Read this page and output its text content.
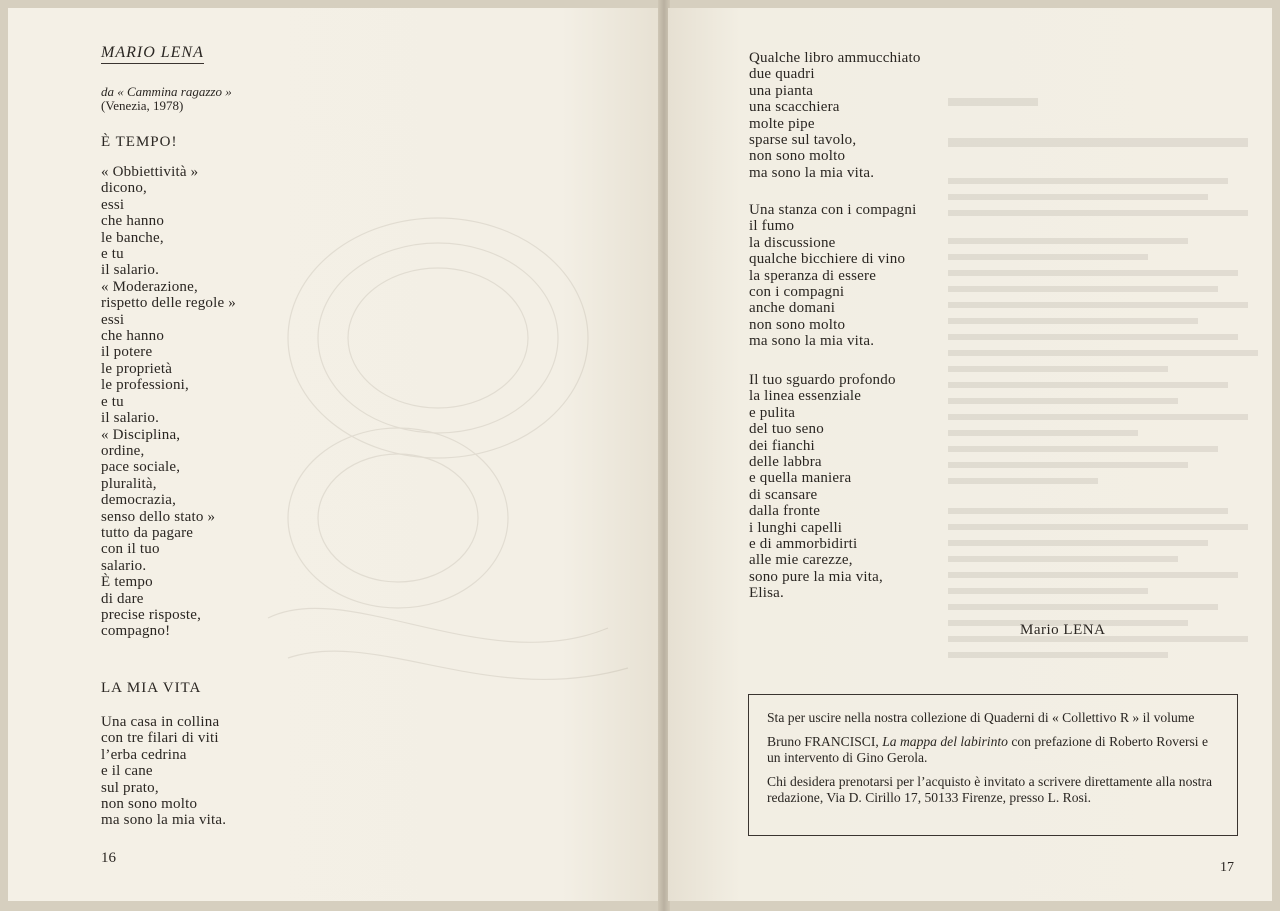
MARIO LENA
da « Cammina ragazzo »
(Venezia, 1978)
È TEMPO!
« Obbiettività »
dicono,
essi
che hanno
le banche,
e tu
il salario.
« Moderazione,
rispetto delle regole »
essi
che hanno
il potere
le proprietà
le professioni,
e tu
il salario.
« Disciplina,
ordine,
pace sociale,
pluralità,
democrazia,
senso dello stato »
tutto da pagare
con il tuo
salario.
È tempo
di dare
precise risposte,
compagno!
LA MIA VITA
Una casa in collina
con tre filari di viti
l’erba cedrina
e il cane
sul prato,
non sono molto
ma sono la mia vita.
16
Qualche libro ammucchiato
due quadri
una pianta
una scacchiera
molte pipe
sparse sul tavolo,
non sono molto
ma sono la mia vita.
Una stanza con i compagni
il fumo
la discussione
qualche bicchiere di vino
la speranza di essere
con i compagni
anche domani
non sono molto
ma sono la mia vita.
Il tuo sguardo profondo
la linea essenziale
e pulita
del tuo seno
dei fianchi
delle labbra
e quella maniera
di scansare
dalla fronte
i lunghi capelli
e di ammorbidirti
alle mie carezze,
sono pure la mia vita,
Elisa.
Mario LENA

Sta per uscire nella nostra collezione di Quaderni di « Collettivo R » il volume

Bruno FRANCISCI, La mappa del labirinto con prefazione di Roberto Roversi e un intervento di Gino Gerola.

Chi desidera prenotarsi per l’acquisto è invitato a scrivere direttamente alla nostra redazione, Via D. Cirillo 17, 50133 Firenze, presso L. Rosi.

17
